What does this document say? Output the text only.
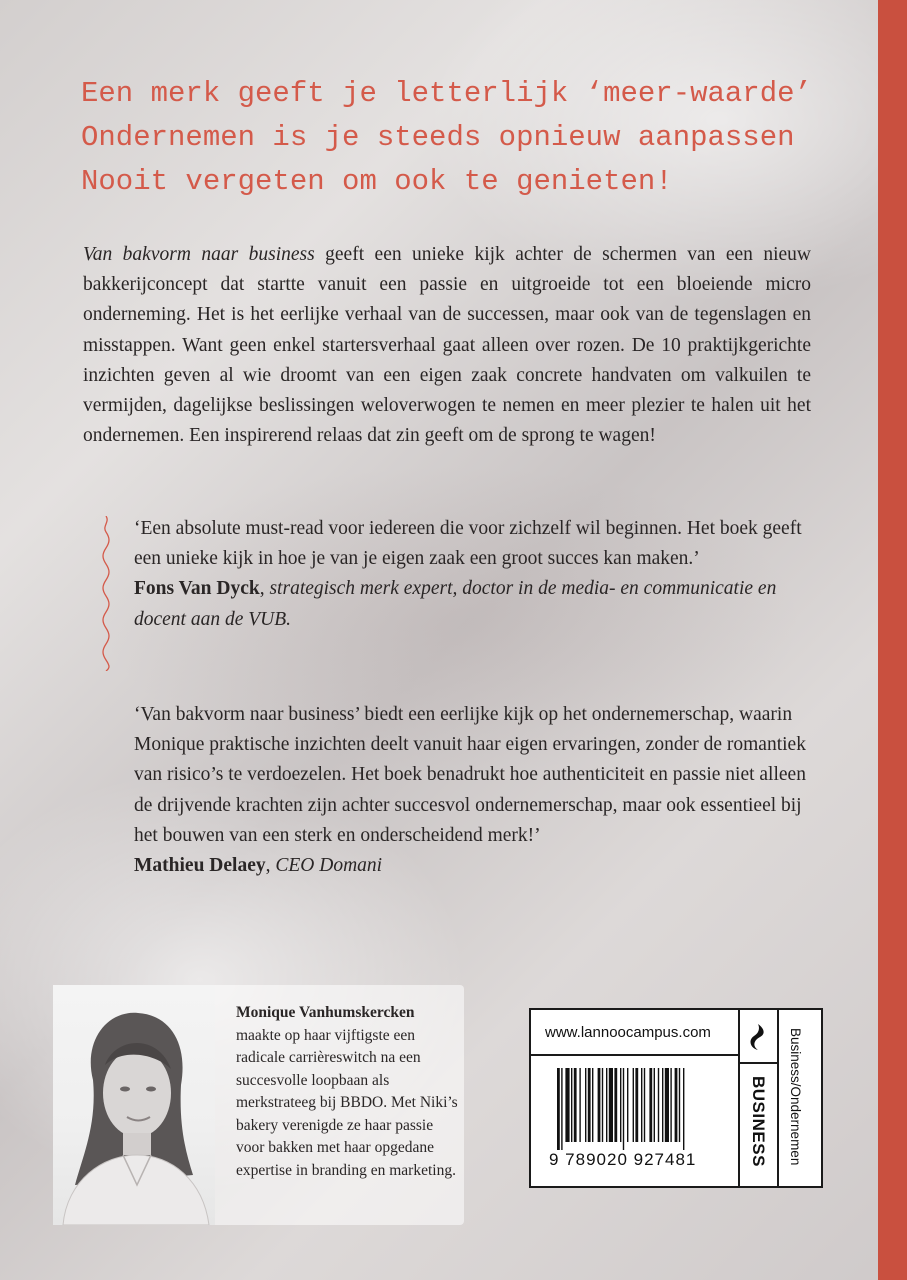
Een merk geeft je letterlijk ‘meer-waarde’
Ondernemen is je steeds opnieuw aanpassen
Nooit vergeten om ook te genieten!
Van bakvorm naar business geeft een unieke kijk achter de schermen van een nieuw bakkerijconcept dat startte vanuit een passie en uitgroeide tot een bloeiende micro onderneming. Het is het eerlijke verhaal van de successen, maar ook van de tegenslagen en misstappen. Want geen enkel startersverhaal gaat alleen over rozen. De 10 praktijkgerichte inzichten geven al wie droomt van een eigen zaak concrete handvaten om valkuilen te vermijden, dagelijkse beslissingen weloverwogen te nemen en meer plezier te halen uit het ondernemen. Een inspirerend relaas dat zin geeft om de sprong te wagen!

‘Een absolute must-read voor iedereen die voor zichzelf wil beginnen. Het boek geeft een unieke kijk in hoe je van je eigen zaak een groot succes kan maken.’

Fons Van Dyck, strategisch merk expert, doctor in de media- en communicatie en docent aan de VUB.

‘Van bakvorm naar business’ biedt een eerlijke kijk op het ondernemerschap, waarin Monique praktische inzichten deelt vanuit haar eigen ervaringen, zonder de romantiek van risico’s te verdoezelen. Het boek benadrukt hoe authenticiteit en passie niet alleen de drijvende krachten zijn achter succesvol ondernemerschap, maar ook essentieel bij het bouwen van een sterk en onderscheidend merk!’

Mathieu Delaey, CEO Domani

Monique Vanhumskercken
maakte op haar vijftigste een radicale carrièreswitch na een succesvolle loopbaan als merkstrateeg bij BBDO. Met Niki’s bakery verenigde ze haar passie voor bakken met haar opgedane expertise in branding en marketing.
www.lannoocampus.com
BUSINESS Business/Ondernemen
9 789020 927481
